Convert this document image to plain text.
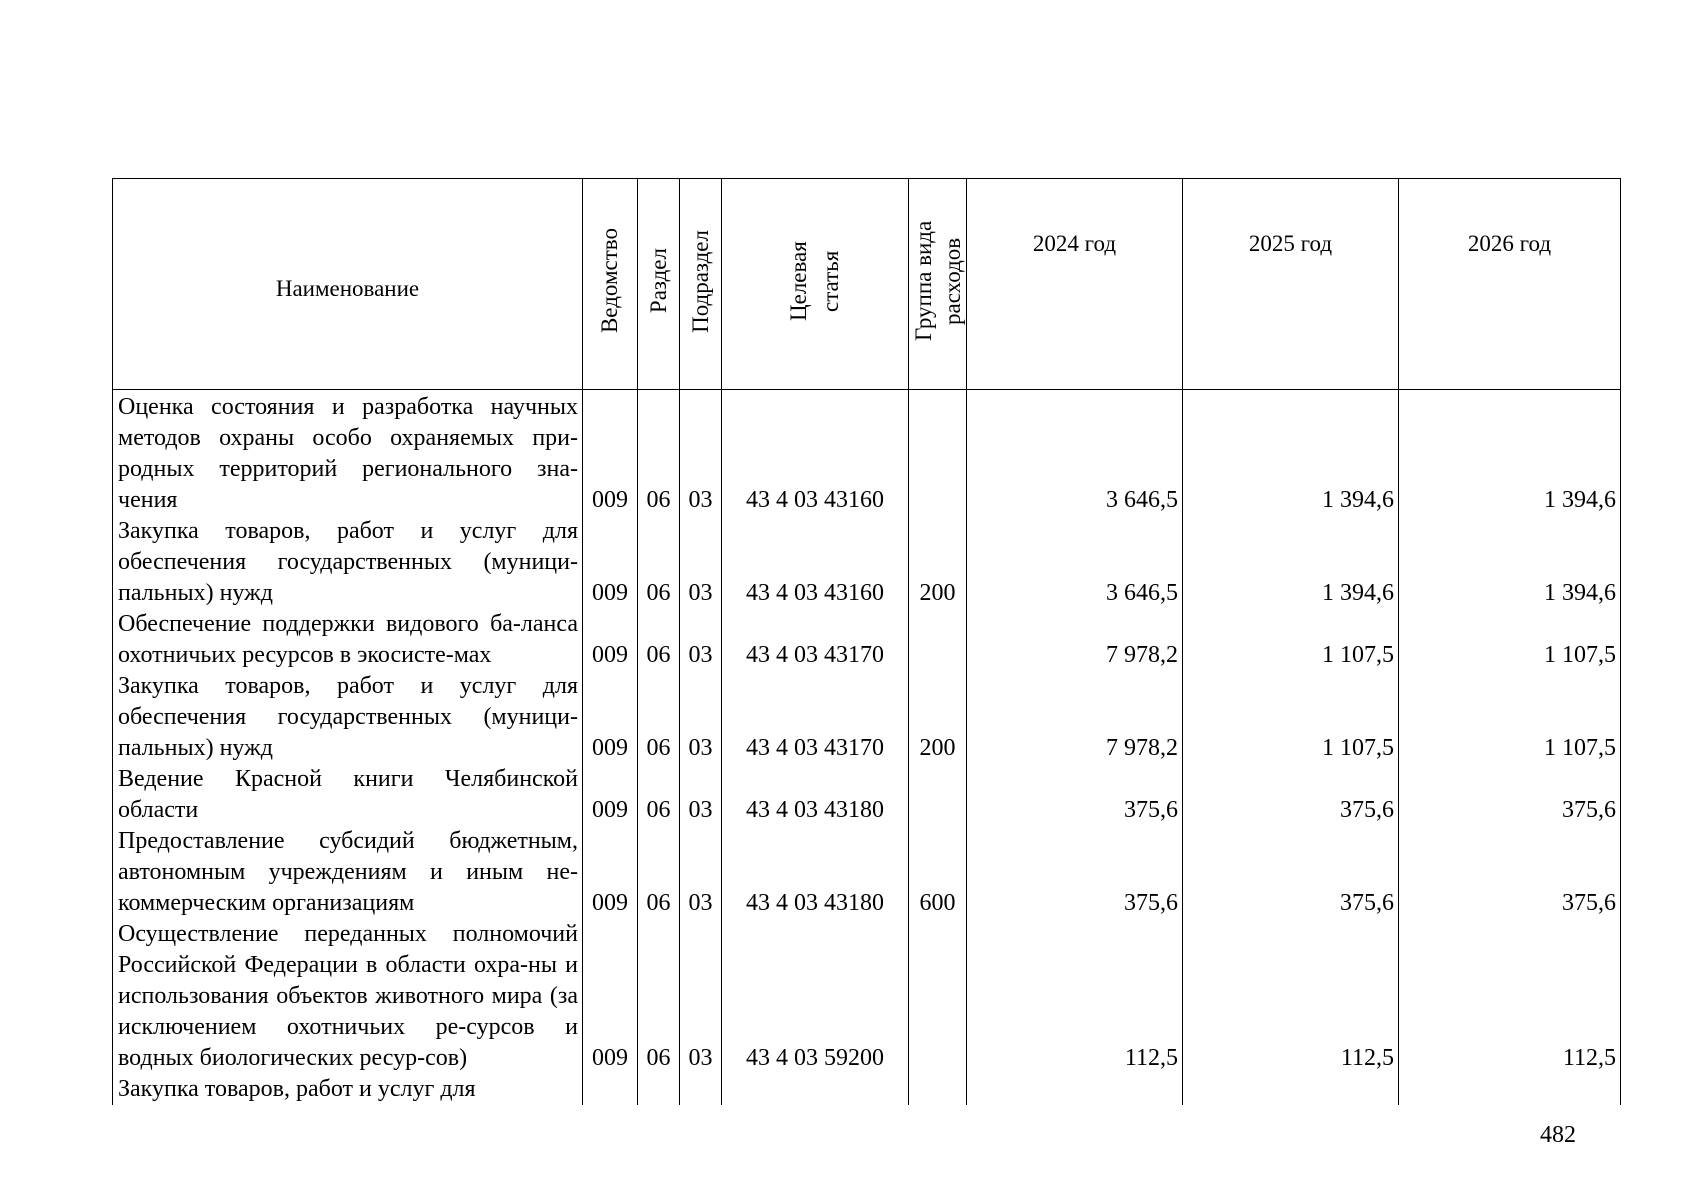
Наименование	Ведомство	Раздел	Подраздел	Целевая статья	Группа вида расходов	2024 год	2025 год	2026 год
Оценка состояния и разработка научных методов охраны особо охраняемых при-родных территорий регионального зна-чения	009	06	03	43 4 03 43160		3 646,5	1 394,6	1 394,6
Закупка товаров, работ и услуг для обеспечения государственных (муници-пальных) нужд	009	06	03	43 4 03 43160	200	3 646,5	1 394,6	1 394,6
Обеспечение поддержки видового ба-ланса охотничьих ресурсов в экосисте-мах	009	06	03	43 4 03 43170		7 978,2	1 107,5	1 107,5
Закупка товаров, работ и услуг для обеспечения государственных (муници-пальных) нужд	009	06	03	43 4 03 43170	200	7 978,2	1 107,5	1 107,5
Ведение Красной книги Челябинской области	009	06	03	43 4 03 43180		375,6	375,6	375,6
Предоставление субсидий бюджетным, автономным учреждениям и иным не-коммерческим организациям	009	06	03	43 4 03 43180	600	375,6	375,6	375,6
Осуществление переданных полномочий Российской Федерации в области охра-ны и использования объектов животного мира (за исключением охотничьих ре-сурсов и водных биологических ресур-сов)	009	06	03	43 4 03 59200		112,5	112,5	112,5
Закупка товаров, работ и услуг для								
482
